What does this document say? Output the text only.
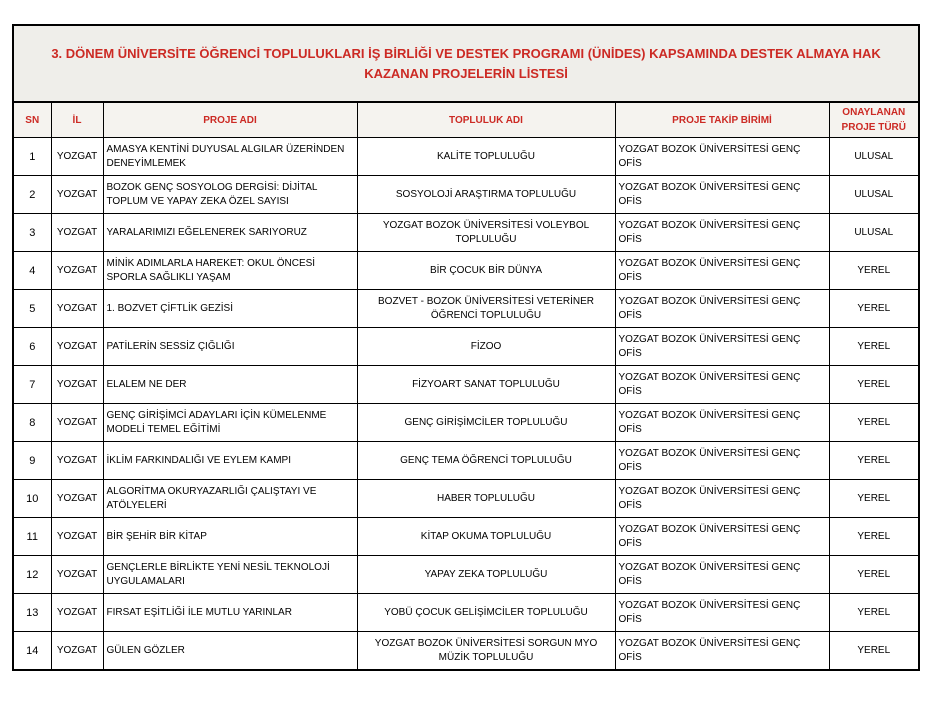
3. DÖNEM ÜNİVERSİTE ÖĞRENCİ TOPLULUKLARI İŞ BİRLİĞİ VE DESTEK PROGRAMI (ÜNİDES) KAPSAMINDA DESTEK ALMAYA HAK KAZANAN PROJELERİN LİSTESİ					
SN	İL	PROJE ADI	TOPLULUK ADI	PROJE TAKİP BİRİMİ	ONAYLANAN PROJE TÜRÜ
1	YOZGAT	AMASYA KENTİNİ DUYUSAL ALGILAR ÜZERİNDEN DENEYİMLEMEK	KALİTE TOPLULUĞU	YOZGAT BOZOK ÜNİVERSİTESİ GENÇ OFİS	ULUSAL
2	YOZGAT	BOZOK GENÇ SOSYOLOG DERGİSİ: DİJİTAL TOPLUM VE YAPAY ZEKA ÖZEL SAYISI	SOSYOLOJİ ARAŞTIRMA TOPLULUĞU	YOZGAT BOZOK ÜNİVERSİTESİ GENÇ OFİS	ULUSAL
3	YOZGAT	YARALARIMIZI EĞELENEREK SARIYORUZ	YOZGAT BOZOK ÜNİVERSİTESİ VOLEYBOL TOPLULUĞU	YOZGAT BOZOK ÜNİVERSİTESİ GENÇ OFİS	ULUSAL
4	YOZGAT	MİNİK ADIMLARLA HAREKET: OKUL ÖNCESİ SPORLA SAĞLIKLI YAŞAM	BİR ÇOCUK BİR DÜNYA	YOZGAT BOZOK ÜNİVERSİTESİ GENÇ OFİS	YEREL
5	YOZGAT	1. BOZVET ÇİFTLİK GEZİSİ	BOZVET - BOZOK ÜNİVERSİTESİ VETERİNER ÖĞRENCİ TOPLULUĞU	YOZGAT BOZOK ÜNİVERSİTESİ GENÇ OFİS	YEREL
6	YOZGAT	PATİLERİN SESSİZ ÇIĞLIĞI	FİZOO	YOZGAT BOZOK ÜNİVERSİTESİ GENÇ OFİS	YEREL
7	YOZGAT	ELALEM NE DER	FİZYOART SANAT TOPLULUĞU	YOZGAT BOZOK ÜNİVERSİTESİ GENÇ OFİS	YEREL
8	YOZGAT	GENÇ GİRİŞİMCİ ADAYLARI İÇİN KÜMELENME MODELİ TEMEL EĞİTİMİ	GENÇ GİRİŞİMCİLER TOPLULUĞU	YOZGAT BOZOK ÜNİVERSİTESİ GENÇ OFİS	YEREL
9	YOZGAT	İKLİM FARKINDALIĞI VE EYLEM KAMPI	GENÇ TEMA ÖĞRENCİ TOPLULUĞU	YOZGAT BOZOK ÜNİVERSİTESİ GENÇ OFİS	YEREL
10	YOZGAT	ALGORİTMA OKURYAZARLIĞI ÇALIŞTAYI VE ATÖLYELERİ	HABER TOPLULUĞU	YOZGAT BOZOK ÜNİVERSİTESİ GENÇ OFİS	YEREL
11	YOZGAT	BİR ŞEHİR BİR KİTAP	KİTAP OKUMA TOPLULUĞU	YOZGAT BOZOK ÜNİVERSİTESİ GENÇ OFİS	YEREL
12	YOZGAT	GENÇLERLE BİRLİKTE YENİ NESİL TEKNOLOJİ UYGULAMALARI	YAPAY ZEKA TOPLULUĞU	YOZGAT BOZOK ÜNİVERSİTESİ GENÇ OFİS	YEREL
13	YOZGAT	FIRSAT EŞİTLİĞİ İLE MUTLU YARINLAR	YOBÜ ÇOCUK GELİŞİMCİLER TOPLULUĞU	YOZGAT BOZOK ÜNİVERSİTESİ GENÇ OFİS	YEREL
14	YOZGAT	GÜLEN GÖZLER	YOZGAT BOZOK ÜNİVERSİTESİ SORGUN MYO MÜZİK TOPLULUĞU	YOZGAT BOZOK ÜNİVERSİTESİ GENÇ OFİS	YEREL
